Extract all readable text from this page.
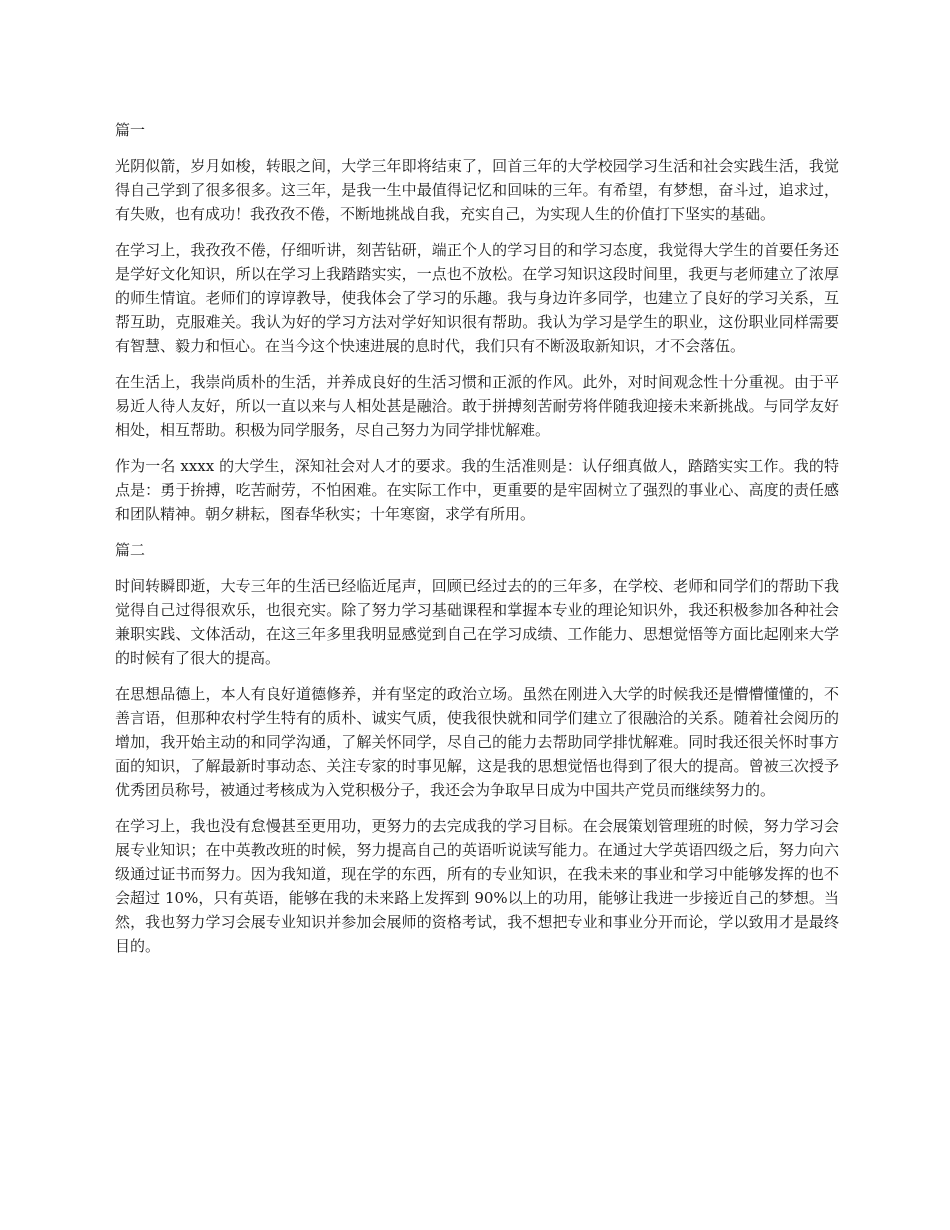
篇一

光阴似箭，岁月如梭，转眼之间，大学三年即将结束了，回首三年的大学校园学习生活和社会实践生活，我觉得自己学到了很多很多。这三年，是我一生中最值得记忆和回味的三年。有希望，有梦想，奋斗过，追求过，有失败，也有成功！我孜孜不倦，不断地挑战自我，充实自己，为实现人生的价值打下坚实的基础。

在学习上，我孜孜不倦，仔细听讲，刻苦钻研，端正个人的学习目的和学习态度，我觉得大学生的首要任务还是学好文化知识，所以在学习上我踏踏实实，一点也不放松。在学习知识这段时间里，我更与老师建立了浓厚的师生情谊。老师们的谆谆教导，使我体会了学习的乐趣。我与身边许多同学，也建立了良好的学习关系，互帮互助，克服难关。我认为好的学习方法对学好知识很有帮助。我认为学习是学生的职业，这份职业同样需要有智慧、毅力和恒心。在当今这个快速进展的息时代，我们只有不断汲取新知识，才不会落伍。

在生活上，我崇尚质朴的生活，并养成良好的生活习惯和正派的作风。此外，对时间观念性十分重视。由于平易近人待人友好，所以一直以来与人相处甚是融洽。敢于拼搏刻苦耐劳将伴随我迎接未来新挑战。与同学友好相处，相互帮助。积极为同学服务，尽自己努力为同学排忧解难。

作为一名 xxxx 的大学生，深知社会对人才的要求。我的生活准则是：认仔细真做人，踏踏实实工作。我的特点是：勇于拚搏，吃苦耐劳，不怕困难。在实际工作中，更重要的是牢固树立了强烈的事业心、高度的责任感和团队精神。朝夕耕耘，图春华秋实；十年寒窗，求学有所用。

篇二

时间转瞬即逝，大专三年的生活已经临近尾声，回顾已经过去的的三年多，在学校、老师和同学们的帮助下我觉得自己过得很欢乐，也很充实。除了努力学习基础课程和掌握本专业的理论知识外，我还积极参加各种社会兼职实践、文体活动，在这三年多里我明显感觉到自己在学习成绩、工作能力、思想觉悟等方面比起刚来大学的时候有了很大的提高。

在思想品德上，本人有良好道德修养，并有坚定的政治立场。虽然在刚进入大学的时候我还是懵懵懂懂的，不善言语，但那种农村学生特有的质朴、诚实气质，使我很快就和同学们建立了很融洽的关系。随着社会阅历的增加，我开始主动的和同学沟通，了解关怀同学，尽自己的能力去帮助同学排忧解难。同时我还很关怀时事方面的知识，了解最新时事动态、关注专家的时事见解，这是我的思想觉悟也得到了很大的提高。曾被三次授予优秀团员称号，被通过考核成为入党积极分子，我还会为争取早日成为中国共产党员而继续努力的。

在学习上，我也没有怠慢甚至更用功，更努力的去完成我的学习目标。在会展策划管理班的时候，努力学习会展专业知识；在中英教改班的时候，努力提高自己的英语听说读写能力。在通过大学英语四级之后，努力向六级通过证书而努力。因为我知道，现在学的东西，所有的专业知识，在我未来的事业和学习中能够发挥的也不会超过 10%，只有英语，能够在我的未来路上发挥到 90%以上的功用，能够让我进一步接近自己的梦想。当然，我也努力学习会展专业知识并参加会展师的资格考试，我不想把专业和事业分开而论，学以致用才是最终目的。
